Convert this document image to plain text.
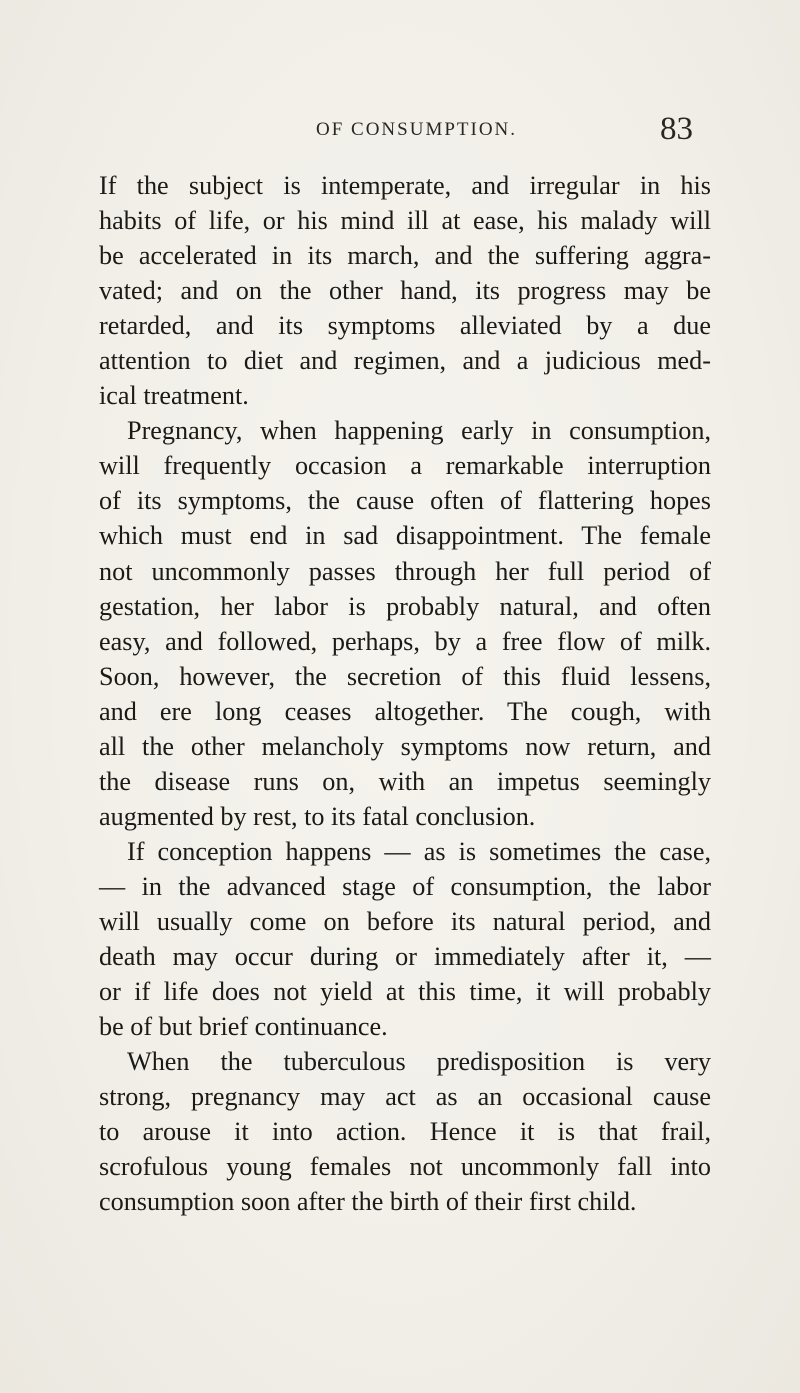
OF CONSUMPTION.	83
If the subject is intemperate, and irregular in his
habits of life, or his mind ill at ease, his malady will
be accelerated in its march, and the suffering aggra-
vated; and on the other hand, its progress may be
retarded, and its symptoms alleviated by a due
attention to diet and regimen, and a judicious med-
ical treatment.
Pregnancy, when happening early in consumption,
will frequently occasion a remarkable interruption
of its symptoms, the cause often of flattering hopes
which must end in sad disappointment. The female
not uncommonly passes through her full period of
gestation, her labor is probably natural, and often
easy, and followed, perhaps, by a free flow of milk.
Soon, however, the secretion of this fluid lessens,
and ere long ceases altogether. The cough, with
all the other melancholy symptoms now return, and
the disease runs on, with an impetus seemingly
augmented by rest, to its fatal conclusion.
If conception happens — as is sometimes the case,
— in the advanced stage of consumption, the labor
will usually come on before its natural period, and
death may occur during or immediately after it, —
or if life does not yield at this time, it will probably
be of but brief continuance.
When the tuberculous predisposition is very
strong, pregnancy may act as an occasional cause
to arouse it into action. Hence it is that frail,
scrofulous young females not uncommonly fall into
consumption soon after the birth of their first child.
